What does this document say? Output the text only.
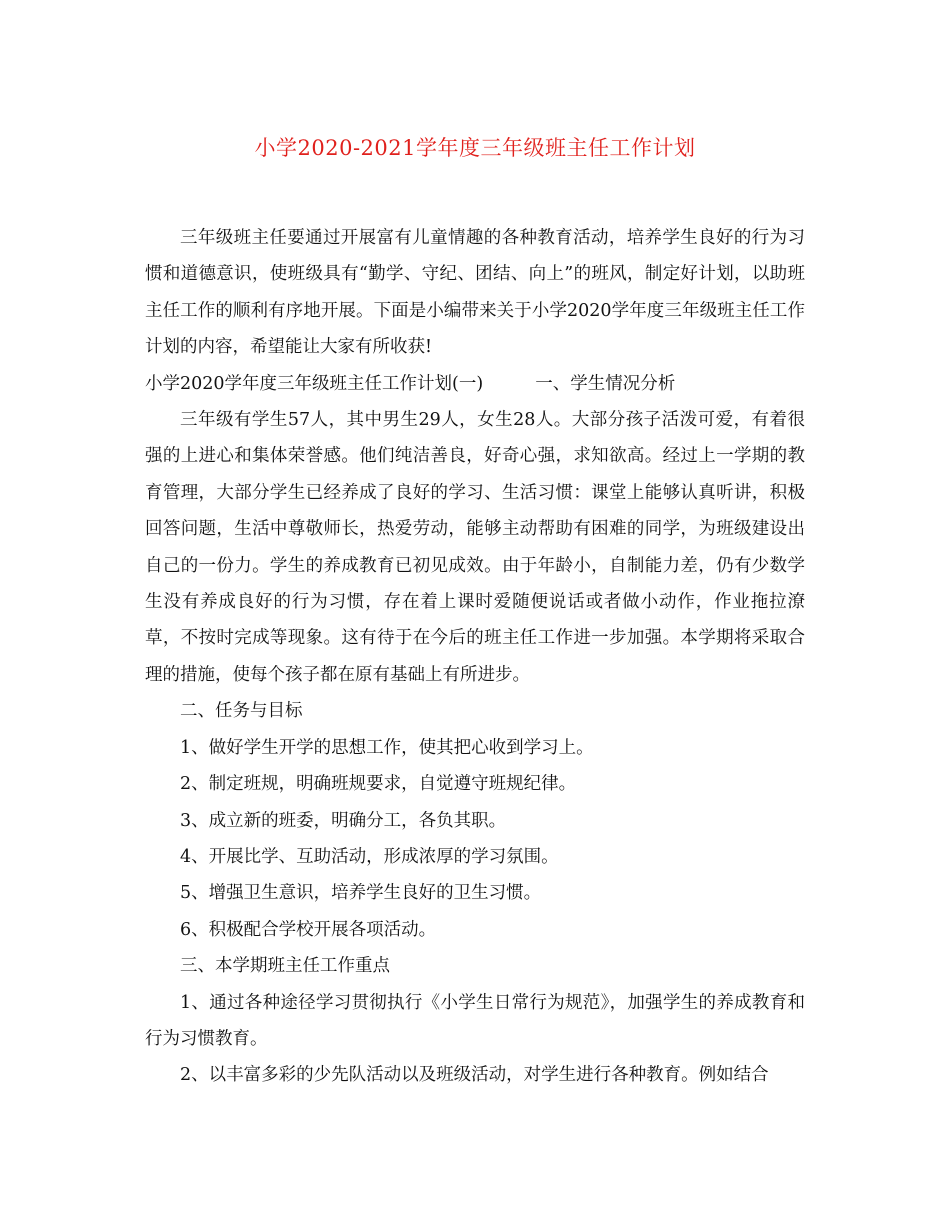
小学2020-2021学年度三年级班主任工作计划

三年级班主任要通过开展富有儿童情趣的各种教育活动，培养学生良好的行为习惯和道德意识，使班级具有“勤学、守纪、团结、向上”的班风，制定好计划，以助班主任工作的顺利有序地开展。下面是小编带来关于小学2020学年度三年级班主任工作计划的内容，希望能让大家有所收获!

小学2020学年度三年级班主任工作计划(一)	一、学生情况分析

三年级有学生57人，其中男生29人，女生28人。大部分孩子活泼可爱，有着很强的上进心和集体荣誉感。他们纯洁善良，好奇心强，求知欲高。经过上一学期的教育管理，大部分学生已经养成了良好的学习、生活习惯：课堂上能够认真听讲，积极回答问题，生活中尊敬师长，热爱劳动，能够主动帮助有困难的同学，为班级建设出自己的一份力。学生的养成教育已初见成效。由于年龄小，自制能力差，仍有少数学生没有养成良好的行为习惯，存在着上课时爱随便说话或者做小动作，作业拖拉潦草，不按时完成等现象。这有待于在今后的班主任工作进一步加强。本学期将采取合理的措施，使每个孩子都在原有基础上有所进步。

二、任务与目标

1、做好学生开学的思想工作，使其把心收到学习上。

2、制定班规，明确班规要求，自觉遵守班规纪律。

3、成立新的班委，明确分工，各负其职。

4、开展比学、互助活动，形成浓厚的学习氛围。

5、增强卫生意识，培养学生良好的卫生习惯。

6、积极配合学校开展各项活动。

三、本学期班主任工作重点

1、通过各种途径学习贯彻执行《小学生日常行为规范》，加强学生的养成教育和行为习惯教育。

2、以丰富多彩的少先队活动以及班级活动，对学生进行各种教育。例如结合
